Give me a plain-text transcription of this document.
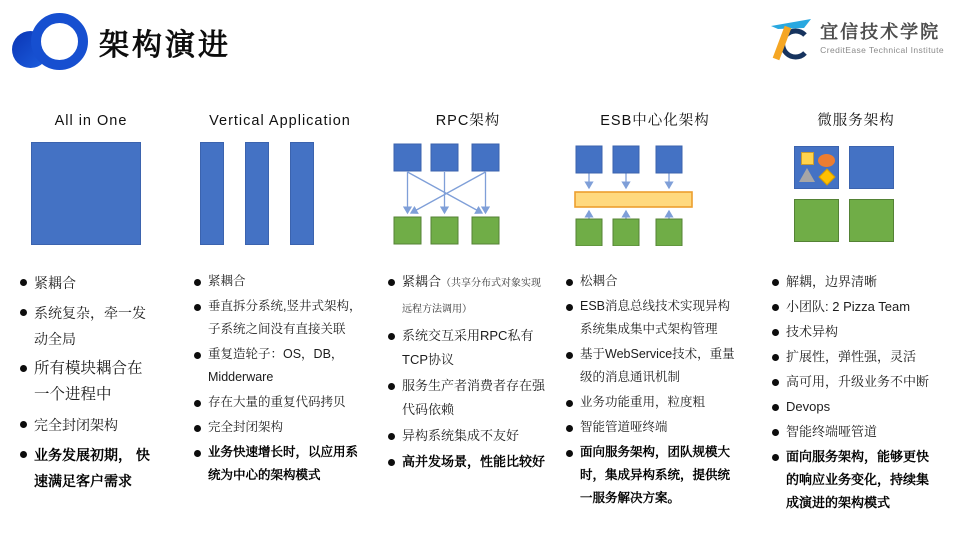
架构演进	宜信技术学院
CreditEase Technical Institute
All in One
紧耦合
系统复杂，牵一发动全局
所有模块耦合在一个进程中
完全封闭架构
业务发展初期， 快速满足客户需求
Vertical Application
紧耦合
垂直拆分系统,竖井式架构，子系统之间没有直接关联
重复造轮子：OS，DB，Midderware
存在大量的重复代码拷贝
完全封闭架构
业务快速增长时，以应用系统为中心的架构模式
RPC架构
紧耦合（共享分布式对象实现远程方法调用）
系统交互采用RPC私有TCP协议
服务生产者消费者存在强代码依赖
异构系统集成不友好
高并发场景，性能比较好
ESB中心化架构
松耦合
ESB消息总线技术实现异构系统集成集中式架构管理
基于WebService技术，重量级的消息通讯机制
业务功能重用，粒度粗
智能管道哑终端
面向服务架构，团队规模大时，集成异构系统，提供统一服务解决方案。
微服务架构
解耦，边界清晰
小团队: 2 Pizza Team
技术异构
扩展性，弹性强，灵活
高可用，升级业务不中断
Devops
智能终端哑管道
面向服务架构，能够更快的响应业务变化，持续集成演进的架构模式
